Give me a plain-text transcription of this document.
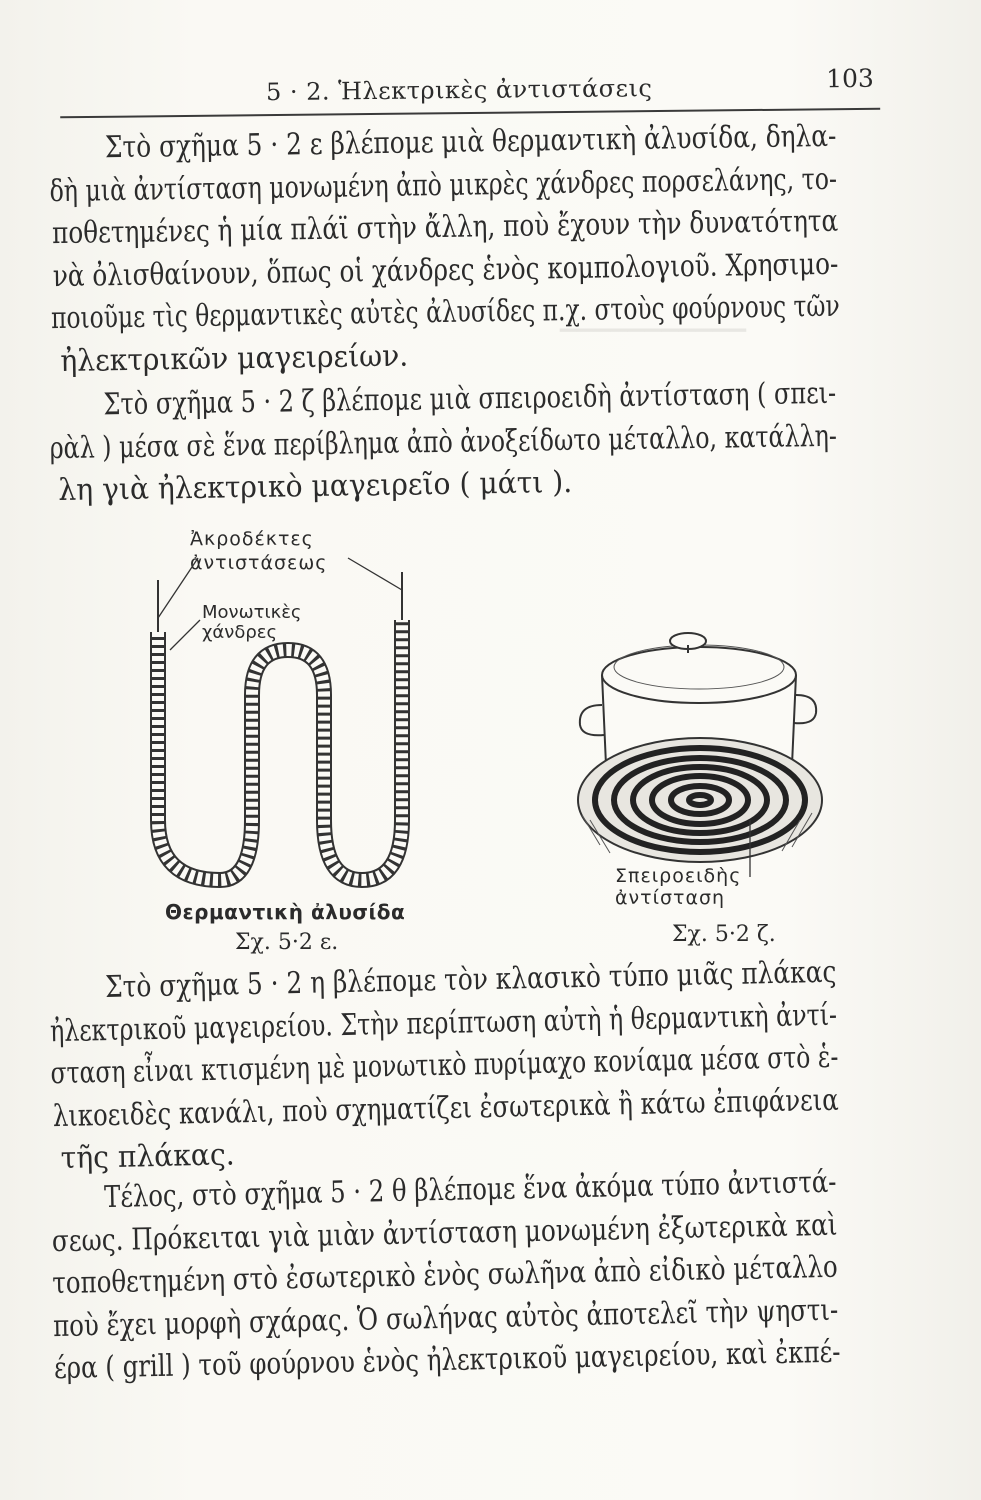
▔▔▔▔▔▔▔▔▔▔▔
5 · 2. Ἡλεκτρικὲς ἀντιστάσεις	103
Στὸ σχῆμα 5 · 2 ε βλέπομε μιὰ θερμαντικὴ ἀλυσίδα, δηλα-
δὴ μιὰ ἀντίσταση μονωμένη ἀπὸ μικρὲς χάνδρες πορσελάνης, το-
ποθετημένες ἡ μία πλάϊ στὴν ἄλλη, ποὺ ἔχουν τὴν δυνατότητα
νὰ ὀλισθαίνουν, ὅπως οἱ χάνδρες ἑνὸς κομπολογιοῦ. Χρησιμο-
ποιοῦμε τὶς θερμαντικὲς αὐτὲς ἀλυσίδες π.χ. στοὺς φούρνους τῶν
ἠλεκτρικῶν μαγειρείων.
Στὸ σχῆμα 5 · 2 ζ βλέπομε μιὰ σπειροειδὴ ἀντίσταση ( σπει-
ρὰλ ) μέσα σὲ ἕνα περίβλημα ἀπὸ ἀνοξείδωτο μέταλλο, κατάλλη-
λη γιὰ ἠλεκτρικὸ μαγειρεῖο ( μάτι ).
Ἀκροδέκτες
ἀντιστάσεως
Μονωτικὲς
χάνδρες
Θερμαντικὴ ἀλυσίδα
Σχ. 5·2 ε.
Σπειροειδὴς
ἀντίσταση
Σχ. 5·2 ζ.
Στὸ σχῆμα 5 · 2 η βλέπομε τὸν κλασικὸ τύπο μιᾶς πλάκας
ἠλεκτρικοῦ μαγειρείου. Στὴν περίπτωση αὐτὴ ἡ θερμαντικὴ ἀντί-
σταση εἶναι κτισμένη μὲ μονωτικὸ πυρίμαχο κονίαμα μέσα στὸ ἑ-
λικοειδὲς κανάλι, ποὺ σχηματίζει ἐσωτερικὰ ἢ κάτω ἐπιφάνεια
τῆς πλάκας.
Τέλος, στὸ σχῆμα 5 · 2 θ βλέπομε ἕνα ἀκόμα τύπο ἀντιστά-
σεως. Πρόκειται γιὰ μιὰν ἀντίσταση μονωμένη ἐξωτερικὰ καὶ
τοποθετημένη στὸ ἐσωτερικὸ ἑνὸς σωλῆνα ἀπὸ εἰδικὸ μέταλλο
ποὺ ἔχει μορφὴ σχάρας. Ὁ σωλήνας αὐτὸς ἀποτελεῖ τὴν ψηστι-
έρα ( grill ) τοῦ φούρνου ἑνὸς ἠλεκτρικοῦ μαγειρείου, καὶ ἐκπέ-
